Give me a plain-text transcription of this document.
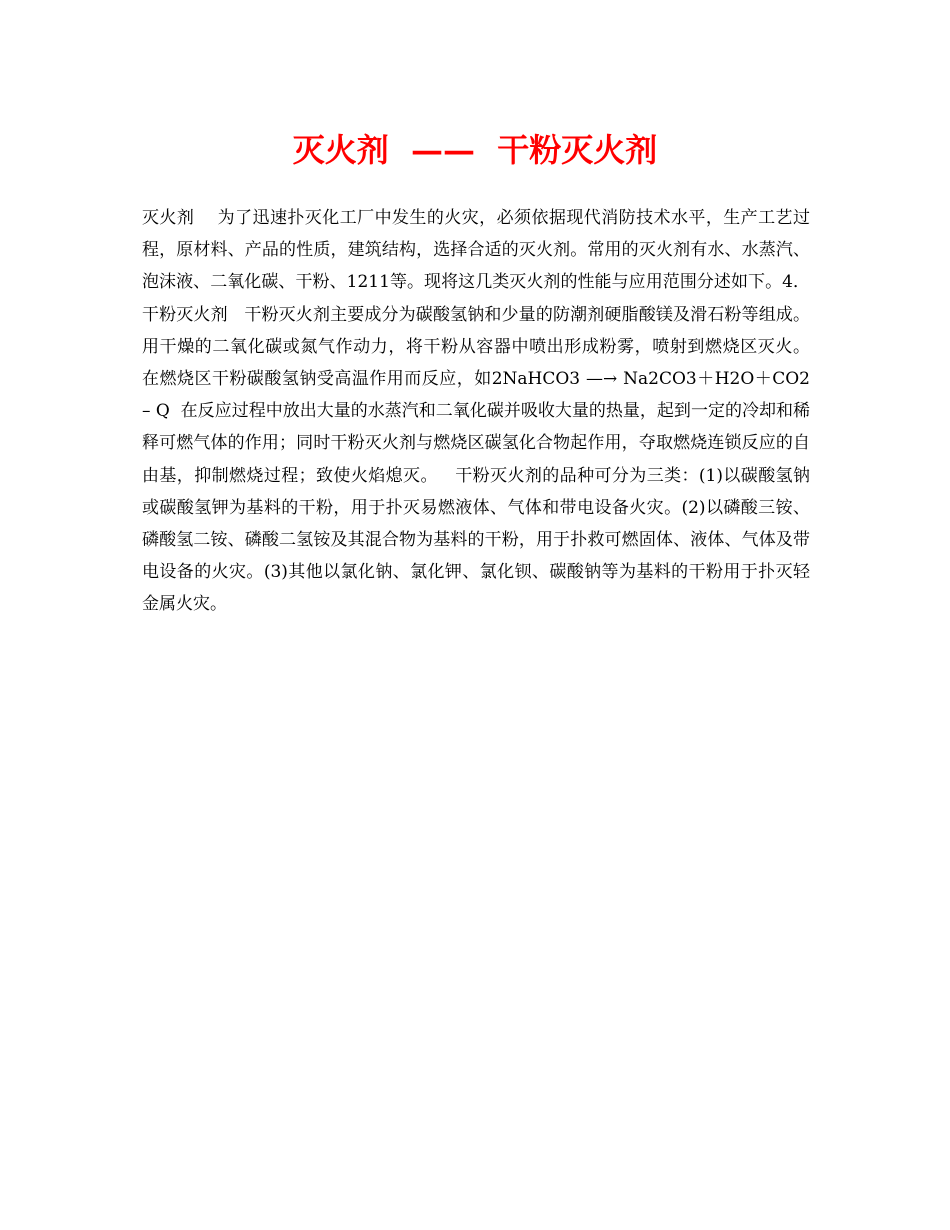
灭火剂  ——  干粉灭火剂

灭火剂    为了迅速扑灭化工厂中发生的火灾，必须依据现代消防技术水平，生产工艺过程，原材料、产品的性质，建筑结构，选择合适的灭火剂。常用的灭火剂有水、水蒸汽、泡沫液、二氧化碳、干粉、1211等。现将这几类灭火剂的性能与应用范围分述如下。4．干粉灭火剂   干粉灭火剂主要成分为碳酸氢钠和少量的防潮剂硬脂酸镁及滑石粉等组成。用干燥的二氧化碳或氮气作动力，将干粉从容器中喷出形成粉雾，喷射到燃烧区灭火。   在燃烧区干粉碳酸氢钠受高温作用而反应，如2NaHCO3 —→ Na2CO3＋H2O＋CO2 – Q  在反应过程中放出大量的水蒸汽和二氧化碳并吸收大量的热量，起到一定的冷却和稀释可燃气体的作用；同时干粉灭火剂与燃烧区碳氢化合物起作用，夺取燃烧连锁反应的自由基，抑制燃烧过程；致使火焰熄灭。   干粉灭火剂的品种可分为三类：(1)以碳酸氢钠或碳酸氢钾为基料的干粉，用于扑灭易燃液体、气体和带电设备火灾。(2)以磷酸三铵、磷酸氢二铵、磷酸二氢铵及其混合物为基料的干粉，用于扑救可燃固体、液体、气体及带电设备的火灾。(3)其他以氯化钠、氯化钾、氯化钡、碳酸钠等为基料的干粉用于扑灭轻金属火灾。
